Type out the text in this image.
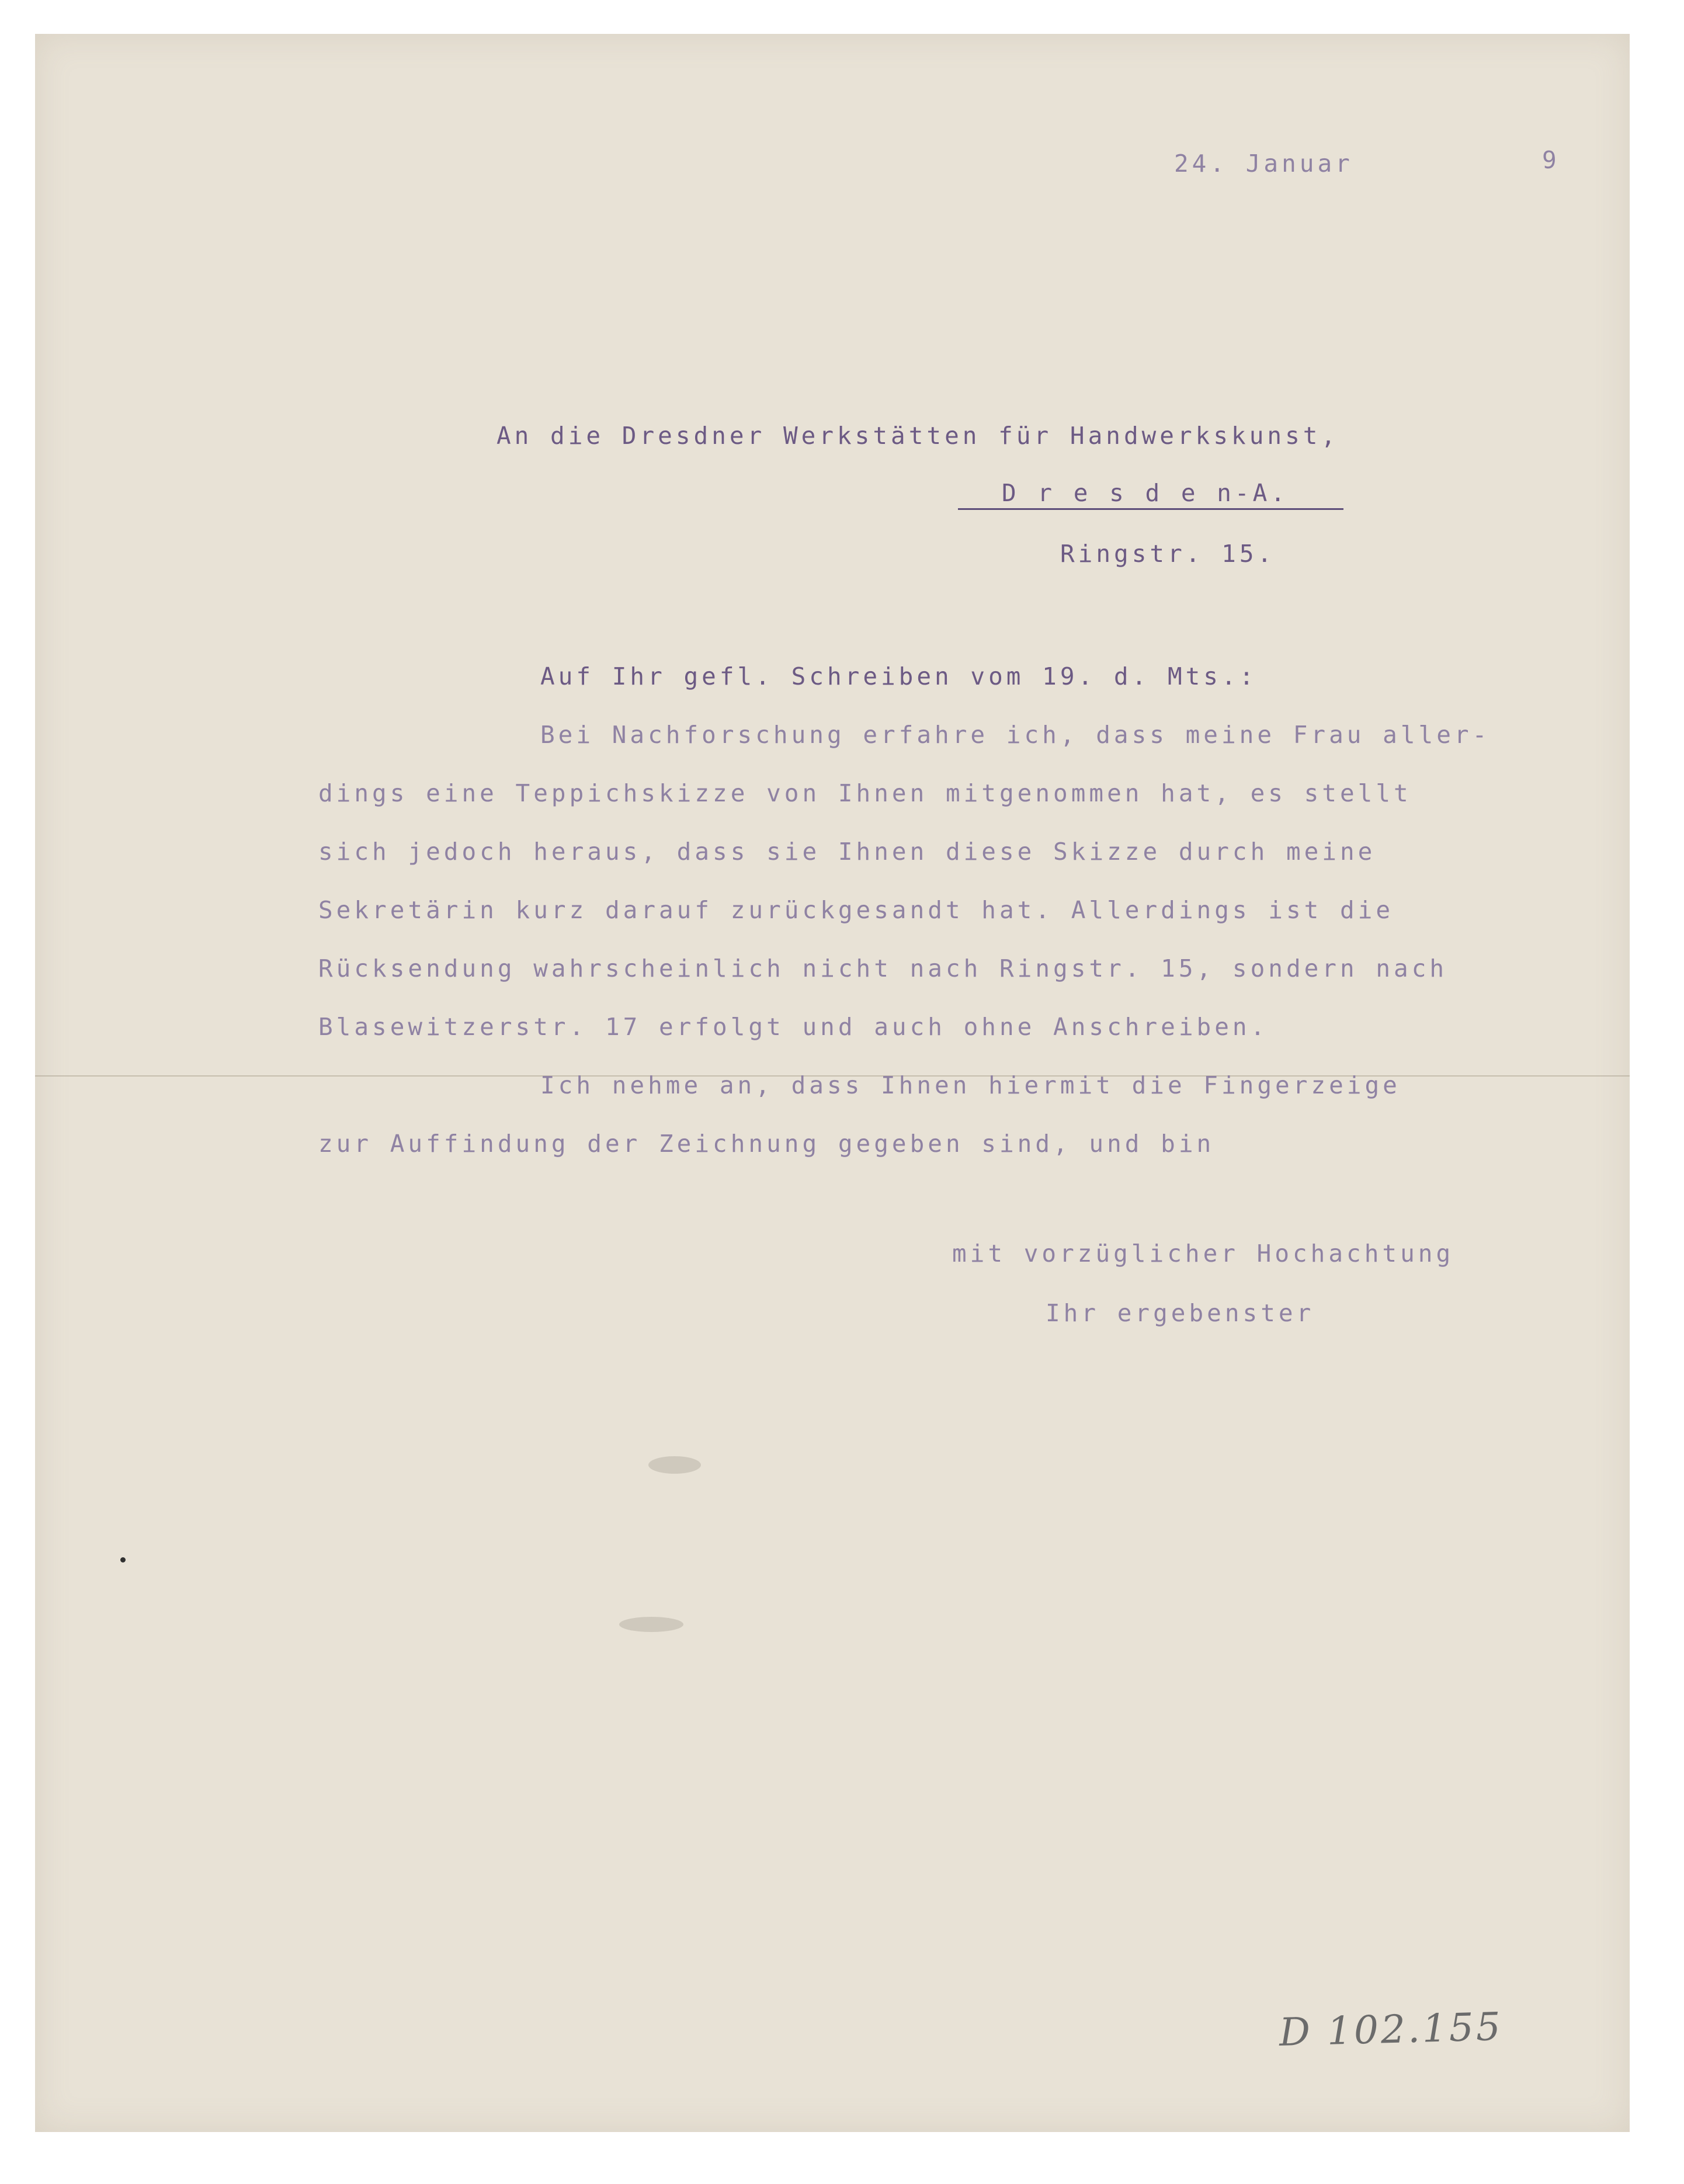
24. Januar	9
An die Dresdner Werkstätten für Handwerkskunst,
D r e s d e n-A.
Ringstr. 15.
Auf Ihr gefl. Schreiben vom 19. d. Mts.:
Bei Nachforschung erfahre ich, dass meine Frau aller-
dings eine Teppichskizze von Ihnen mitgenommen hat, es stellt
sich jedoch heraus, dass sie Ihnen diese Skizze durch meine
Sekretärin kurz darauf zurückgesandt hat. Allerdings ist die
Rücksendung wahrscheinlich nicht nach Ringstr. 15, sondern nach
Blasewitzerstr. 17 erfolgt und auch ohne Anschreiben.
Ich nehme an, dass Ihnen hiermit die Fingerzeige
zur Auffindung der Zeichnung gegeben sind, und bin
mit vorzüglicher Hochachtung
Ihr ergebenster
D 102.155
